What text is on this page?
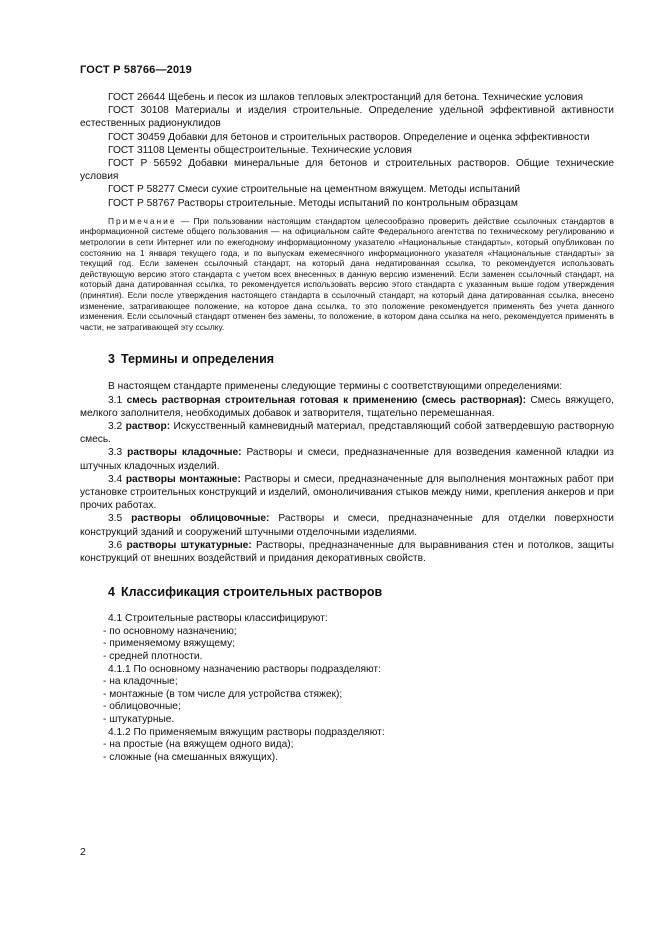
ГОСТ Р 58766—2019

ГОСТ 26644 Щебень и песок из шлаков тепловых электростанций для бетона. Технические условия

ГОСТ 30108 Материалы и изделия строительные. Определение удельной эффективной активности естественных радионуклидов

ГОСТ 30459 Добавки для бетонов и строительных растворов. Определение и оценка эффективности

ГОСТ 31108 Цементы общестроительные. Технические условия

ГОСТ Р 56592 Добавки минеральные для бетонов и строительных растворов. Общие технические условия

ГОСТ Р 58277 Смеси сухие строительные на цементном вяжущем. Методы испытаний

ГОСТ Р 58767 Растворы строительные. Методы испытаний по контрольным образцам

Примечание — При пользовании настоящим стандартом целесообразно проверить действие ссылочных стандартов в информационной системе общего пользования — на официальном сайте Федерального агентства по техническому регулированию и метрологии в сети Интернет или по ежегодному информационному указателю «Национальные стандарты», который опубликован по состоянию на 1 января текущего года, и по выпускам ежемесячного информационного указателя «Национальные стандарты» за текущий год. Если заменен ссылочный стандарт, на который дана недатированная ссылка, то рекомендуется использовать действующую версию этого стандарта с учетом всех внесенных в данную версию изменений. Если заменен ссылочный стандарт, на который дана датированная ссылка, то рекомендуется использовать версию этого стандарта с указанным выше годом утверждения (принятия). Если после утверждения настоящего стандарта в ссылочный стандарт, на который дана датированная ссылка, внесено изменение, затрагивающее положение, на которое дана ссылка, то это положение рекомендуется применять без учета данного изменения. Если ссылочный стандарт отменен без замены, то положение, в котором дана ссылка на него, рекомендуется применять в части, не затрагивающей эту ссылку.

3 Термины и определения

В настоящем стандарте применены следующие термины с соответствующими определениями:

3.1 смесь растворная строительная готовая к применению (смесь растворная): Смесь вяжущего, мелкого заполнителя, необходимых добавок и затворителя, тщательно перемешанная.

3.2 раствор: Искусственный камневидный материал, представляющий собой затвердевшую растворную смесь.

3.3 растворы кладочные: Растворы и смеси, предназначенные для возведения каменной кладки из штучных кладочных изделий.

3.4 растворы монтажные: Растворы и смеси, предназначенные для выполнения монтажных работ при установке строительных конструкций и изделий, омоноличивания стыков между ними, крепления анкеров и при прочих работах.

3.5 растворы облицовочные: Растворы и смеси, предназначенные для отделки поверхности конструкций зданий и сооружений штучными отделочными изделиями.

3.6 растворы штукатурные: Растворы, предназначенные для выравнивания стен и потолков, защиты конструкций от внешних воздействий и придания декоративных свойств.

4 Классификация строительных растворов

4.1 Строительные растворы классифицируют:

- по основному назначению;
- применяемому вяжущему;
- средней плотности.

4.1.1 По основному назначению растворы подразделяют:

- на кладочные;
- монтажные (в том числе для устройства стяжек);
- облицовочные;
- штукатурные.

4.1.2 По применяемым вяжущим растворы подразделяют:

- на простые (на вяжущем одного вида);
- сложные (на смешанных вяжущих).
2
